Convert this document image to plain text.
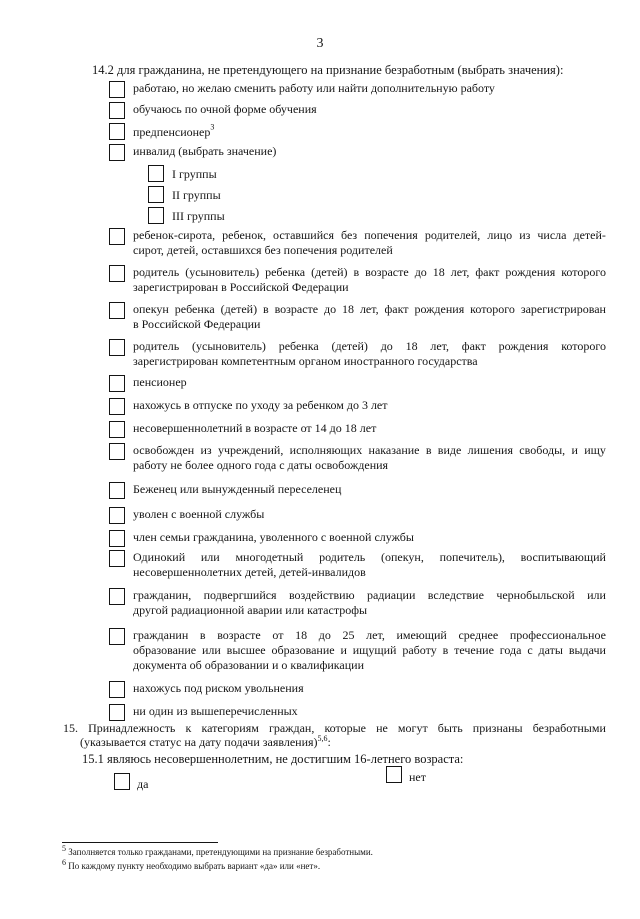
3
14.2 для гражданина, не претендующего на признание безработным (выбрать значения):
работаю, но желаю сменить работу или найти дополнительную работу
обучаюсь по очной форме обучения
предпенсионер$^3$
инвалид (выбрать значение)
I группы
II группы
III группы
ребенок-сирота, ребенок, оставшийся без попечения родителей, лицо из числа детей-
сирот, детей, оставшихся без попечения родителей
родитель (усыновитель) ребенка (детей) в возрасте до 18 лет, факт рождения которого
зарегистрирован в Российской Федерации
опекун ребенка (детей) в возрасте до 18 лет, факт рождения которого зарегистрирован
в Российской Федерации
родитель (усыновитель) ребенка (детей) до 18 лет, факт рождения которого
зарегистрирован компетентным органом иностранного государства
пенсионер
нахожусь в отпуске по уходу за ребенком до 3 лет
несовершеннолетний в возрасте от 14 до 18 лет
освобожден из учреждений, исполняющих наказание в виде лишения свободы, и ищу
работу не более одного года с даты освобождения
Беженец или вынужденный переселенец
уволен с военной службы
член семьи гражданина, уволенного с военной службы
Одинокий или многодетный родитель (опекун, попечитель), воспитывающий
несовершеннолетних детей, детей-инвалидов
гражданин, подвергшийся воздействию радиации вследствие чернобыльской или
другой радиационной аварии или катастрофы
гражданин в возрасте от 18 до 25 лет, имеющий среднее профессиональное
образование или высшее образование и ищущий работу в течение года с даты выдачи
документа об образовании и о квалификации
нахожусь под риском увольнения
ни один из вышеперечисленных
15. Принадлежность к категориям граждан, которые не могут быть признаны безработными
(указывается статус на дату подачи заявления)$^{5,6}$:
15.1 являюсь несовершеннолетним, не достигшим 16-летнего возраста:
да	нет
$^5$ Заполняется только гражданами, претендующими на признание безработными.
$^6$ По каждому пункту необходимо выбрать вариант «да» или «нет».
